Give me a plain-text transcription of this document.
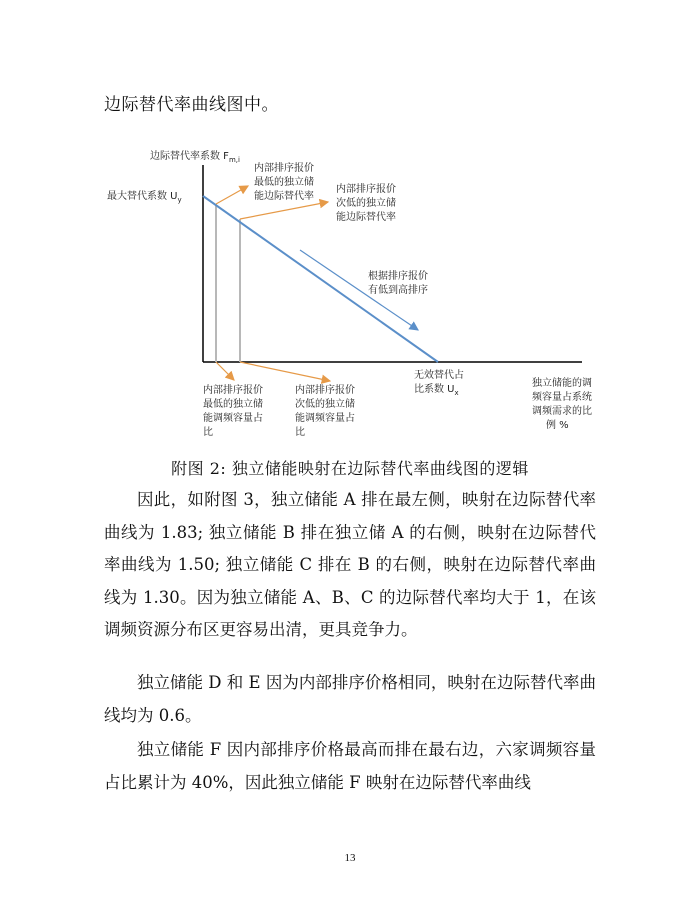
边际替代率曲线图中。
边际替代率系数 $F_{m,i}$
最大替代系数 $U_y$
内部排序报价 最低的独立储 能边际替代率
内部排序报价 次低的独立储 能边际替代率
根据排序报价 有低到高排序
独立储能的调 频容量占系统 调频需求的比 例 %
内部排序报价 最低的独立储 能调频容量占 比
内部排序报价 次低的独立储 能调频容量占 比
无效替代占 比系数 $U_x$
附图 2: 独立储能映射在边际替代率曲线图的逻辑

因此，如附图 3，独立储能 A 排在最左侧，映射在边际替代率曲线为 1.83; 独立储能 B 排在独立储 A 的右侧，映射在边际替代率曲线为 1.50; 独立储能 C 排在 B 的右侧，映射在边际替代率曲线为 1.30。因为独立储能 A、B、C 的边际替代率均大于 1，在该调频资源分布区更容易出清，更具竞争力。

独立储能 D 和 E 因为内部排序价格相同，映射在边际替代率曲线均为 0.6。

独立储能 F 因内部排序价格最高而排在最右边，六家调频容量占比累计为 40%，因此独立储能 F 映射在边际替代率曲线

13
